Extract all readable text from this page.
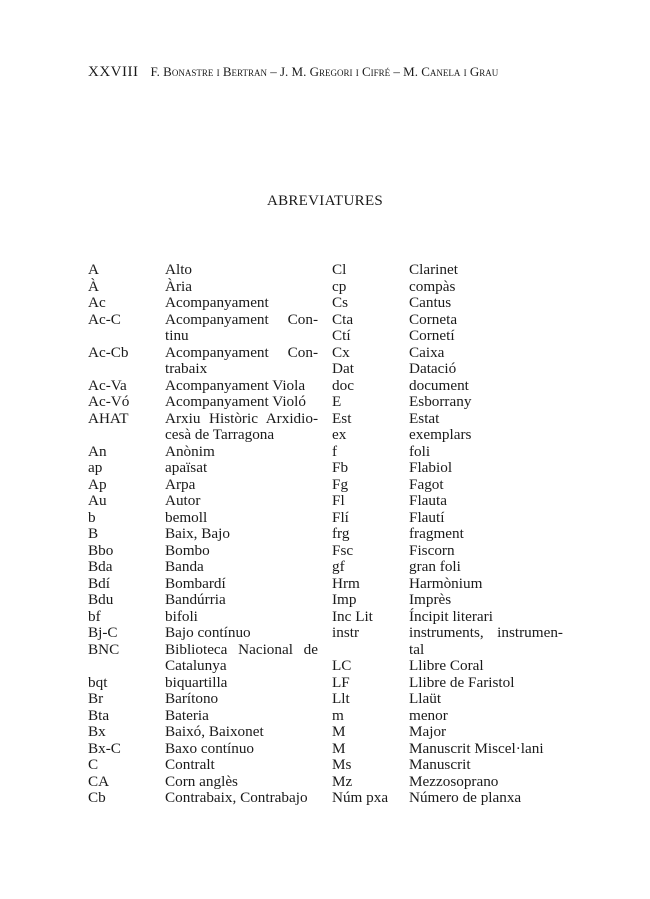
XXVIII F. Bonastre i Bertran – J. M. Gregori i Cifré – M. Canela i Grau
ABREVIATURES
A	Alto
À	Ària
Ac	Acompanyament
Ac-C	Acompanyament Con-
tinu
Ac-Cb	Acompanyament Con-
trabaix
Ac-Va	Acompanyament Viola
Ac-Vó	Acompanyament Violó
AHAT	Arxiu Històric Arxidio-
cesà de Tarragona
An	Anònim
ap	apaïsat
Ap	Arpa
Au	Autor
b	bemoll
B	Baix, Bajo
Bbo	Bombo
Bda	Banda
Bdí	Bombardí
Bdu	Bandúrria
bf	bifoli
Bj-C	Bajo contínuo
BNC	Biblioteca Nacional de
Catalunya
bqt	biquartilla
Br	Barítono
Bta	Bateria
Bx	Baixó, Baixonet
Bx-C	Baxo contínuo
C	Contralt
CA	Corn anglès
Cb	Contrabaix, Contrabajo
Cl	Clarinet
cp	compàs
Cs	Cantus
Cta	Corneta
Ctí	Cornetí
Cx	Caixa
Dat	Datació
doc	document
E	Esborrany
Est	Estat
ex	exemplars
f	foli
Fb	Flabiol
Fg	Fagot
Fl	Flauta
Flí	Flautí
frg	fragment
Fsc	Fiscorn
gf	gran foli
Hrm	Harmònium
Imp	Imprès
Inc Lit	Íncipit literari
instr	instruments, instrumen-
tal
LC	Llibre Coral
LF	Llibre de Faristol
Llt	Llaüt
m	menor
M	Major
M	Manuscrit Miscel·lani
Ms	Manuscrit
Mz	Mezzosoprano
Núm pxa	Número de planxa
